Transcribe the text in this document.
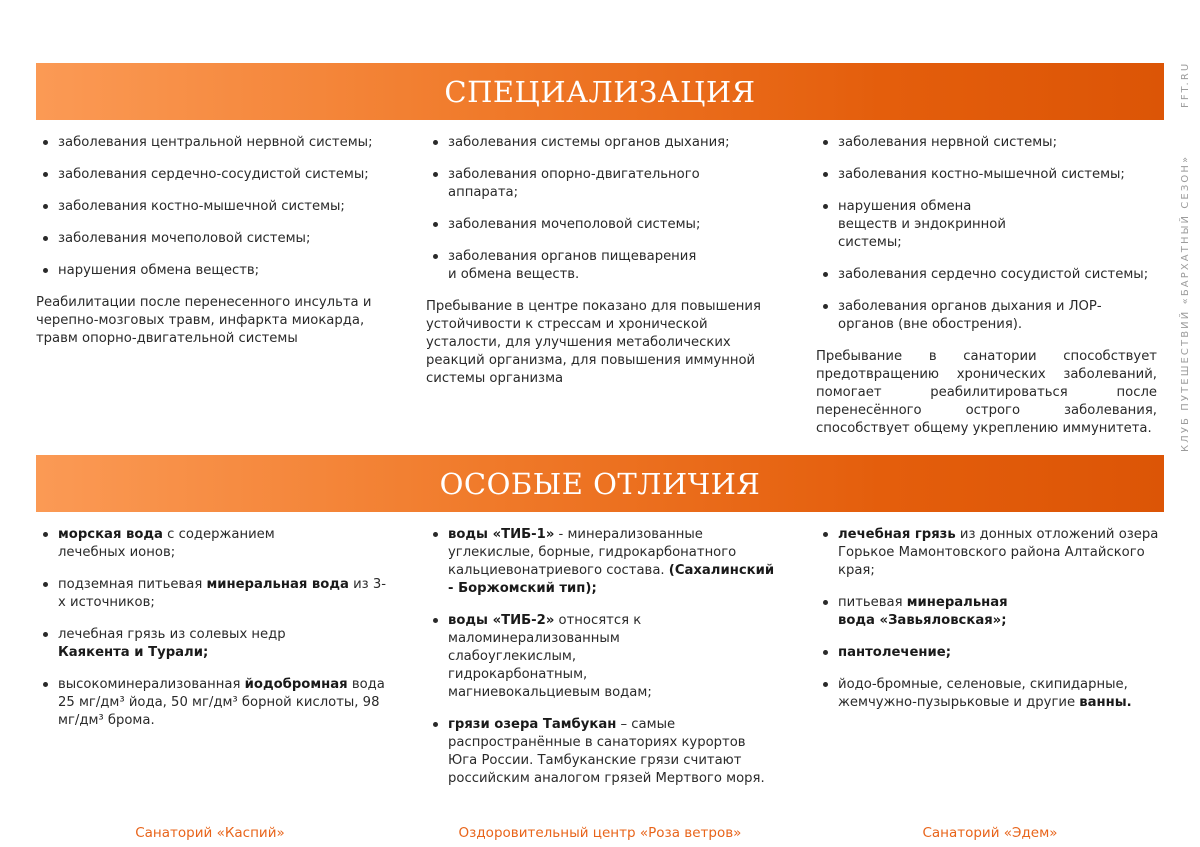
СПЕЦИАЛИЗАЦИЯ
заболевания центральной нервной системы;
заболевания сердечно-сосудистой системы;
заболевания костно-мышечной системы;
заболевания мочеполовой системы;
нарушения обмена веществ;
Реабилитации после перенесенного инсульта и черепно-мозговых травм, инфаркта миокарда, травм опорно-двигательной системы
заболевания системы органов дыхания;
заболевания опорно-двигательного аппарата;
заболевания мочеполовой системы;
заболевания органов пищеварения и обмена веществ.
Пребывание в центре показано для повышения устойчивости к стрессам и хронической усталости, для улучшения метаболических реакций организма, для повышения иммунной системы организма
заболевания нервной системы;
заболевания костно-мышечной системы;
нарушения обмена веществ и эндокринной системы;
заболевания сердечно сосудистой системы;
заболевания органов дыхания и ЛОР-органов (вне обострения).
Пребывание в санатории способствует предотвращению хронических заболеваний, помогает реабилитироваться после перенесённого острого заболевания, способствует общему укреплению иммунитета.
ОСОБЫЕ ОТЛИЧИЯ
морская вода с содержанием лечебных ионов;
подземная питьевая минеральная вода из 3-х источников;
лечебная грязь из солевых недр Каякента и Турали;
высокоминерализованная йодобромная вода 25 мг/дм³ йода, 50 мг/дм³ борной кислоты, 98 мг/дм³ брома.
воды «ТИБ-1» - минерализованные углекислые, борные, гидрокарбонатного кальциевонатриевого состава. (Сахалинский - Боржомский тип);
воды «ТИБ-2» относятся к маломинерализованным слабоуглекислым, гидрокарбонатным, магниевокальциевым водам;
грязи озера Тамбукан – самые распространённые в санаториях курортов Юга России. Тамбуканские грязи считают российским аналогом грязей Мертвого моря.
лечебная грязь из донных отложений озера Горькое Мамонтовского района Алтайского края;
питьевая минеральная вода «Завьяловская»;
пантолечение;
йодо-бромные, селеновые, скипидарные, жемчужно-пузырьковые и другие ванны.
Санаторий «Каспий»	Оздоровительный центр «Роза ветров»	Санаторий «Эдем»
КЛУБ ПУТЕШЕСТВИЙ «БАРХАТНЫЙ СЕЗОН»
FFT.RU
